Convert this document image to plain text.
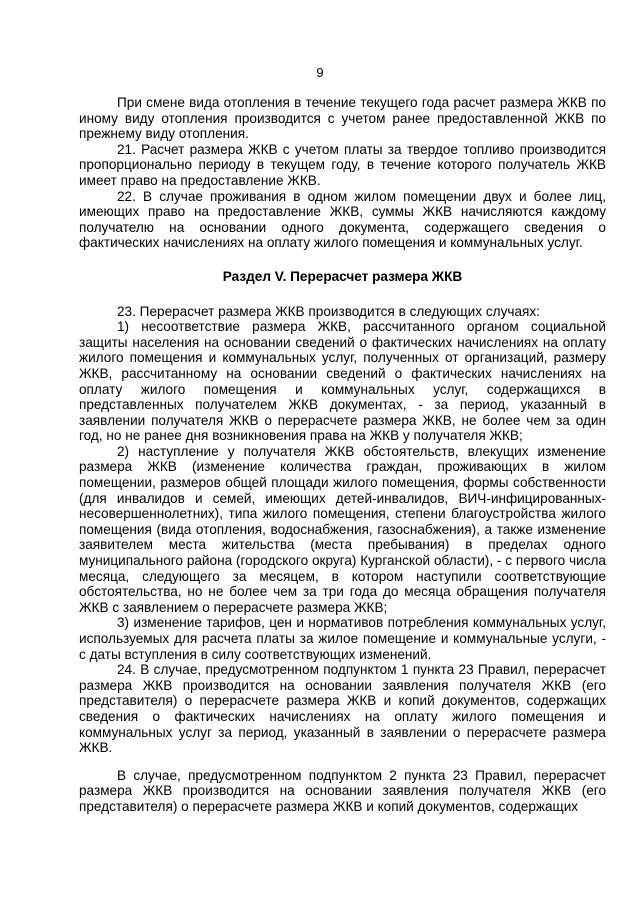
9

При смене вида отопления в течение текущего года расчет размера ЖКВ по иному виду отопления производится с учетом ранее предоставленной ЖКВ по прежнему виду отопления.

21. Расчет размера ЖКВ с учетом платы за твердое топливо производится пропорционально периоду в текущем году, в течение которого получатель ЖКВ имеет право на предоставление ЖКВ.

22. В случае проживания в одном жилом помещении двух и более лиц, имеющих право на предоставление ЖКВ, суммы ЖКВ начисляются каждому получателю на основании одного документа, содержащего сведения о фактических начислениях на оплату жилого помещения и коммунальных услуг.

Раздел V. Перерасчет размера ЖКВ

23. Перерасчет размера ЖКВ производится в следующих случаях:

1) несоответствие размера ЖКВ, рассчитанного органом социальной защиты населения на основании сведений о фактических начислениях на оплату жилого помещения и коммунальных услуг, полученных от организаций, размеру ЖКВ, рассчитанному на основании сведений о фактических начислениях на оплату жилого помещения и коммунальных услуг, содержащихся в представленных получателем ЖКВ документах, - за период, указанный в заявлении получателя ЖКВ о перерасчете размера ЖКВ, не более чем за один год, но не ранее дня возникновения права на ЖКВ у получателя ЖКВ;

2) наступление у получателя ЖКВ обстоятельств, влекущих изменение размера ЖКВ (изменение количества граждан, проживающих в жилом помещении, размеров общей площади жилого помещения, формы собственности (для инвалидов и семей, имеющих детей-инвалидов, ВИЧ-инфицированных-несовершеннолетних), типа жилого помещения, степени благоустройства жилого помещения (вида отопления, водоснабжения, газоснабжения), а также изменение заявителем места жительства (места пребывания) в пределах одного муниципального района (городского округа) Курганской области), - с первого числа месяца, следующего за месяцем, в котором наступили соответствующие обстоятельства, но не более чем за три года до месяца обращения получателя ЖКВ с заявлением о перерасчете размера ЖКВ;

3) изменение тарифов, цен и нормативов потребления коммунальных услуг, используемых для расчета платы за жилое помещение и коммунальные услуги, - с даты вступления в силу соответствующих изменений.

24. В случае, предусмотренном подпунктом 1 пункта 23 Правил, перерасчет размера ЖКВ производится на основании заявления получателя ЖКВ (его представителя) о перерасчете размера ЖКВ и копий документов, содержащих сведения о фактических начислениях на оплату жилого помещения и коммунальных услуг за период, указанный в заявлении о перерасчете размера ЖКВ.

В случае, предусмотренном подпунктом 2 пункта 23 Правил, перерасчет размера ЖКВ производится на основании заявления получателя ЖКВ (его представителя) о перерасчете размера ЖКВ и копий документов, содержащих
